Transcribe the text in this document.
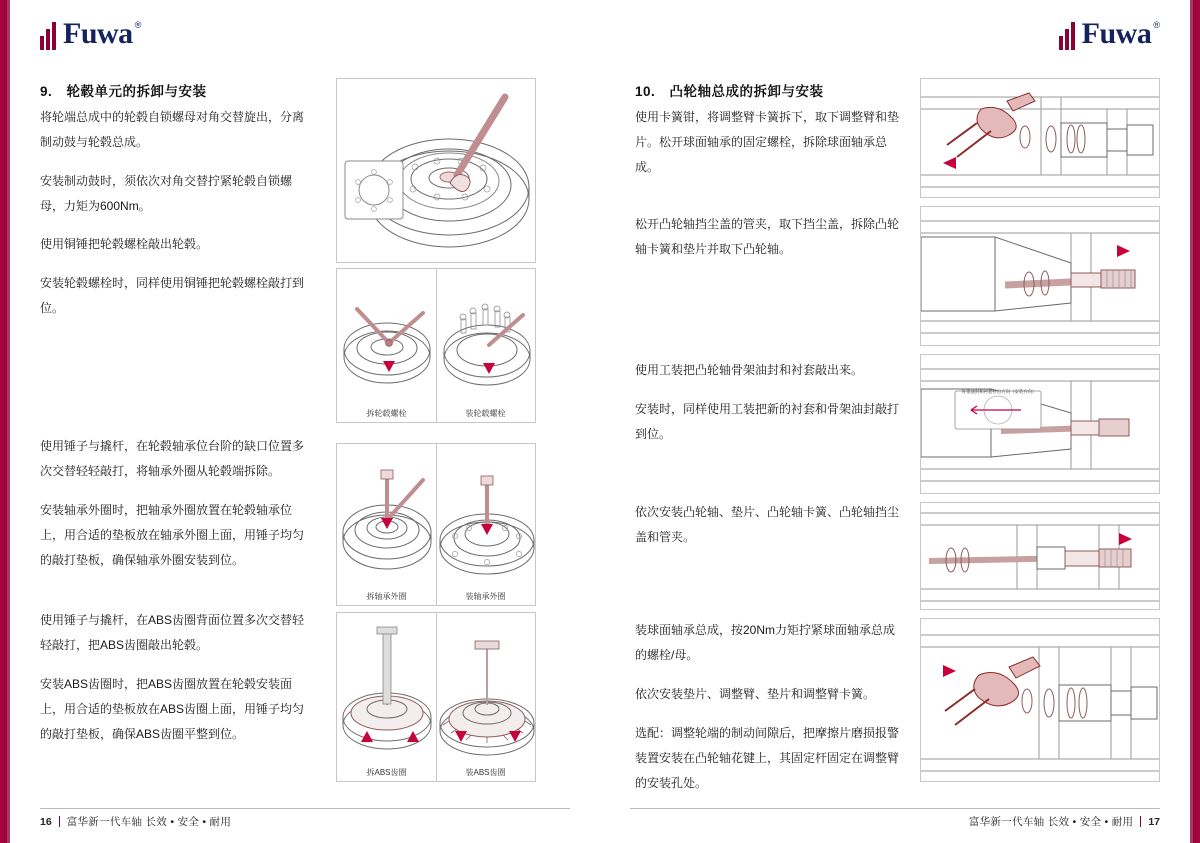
Fuwa ®
9. 轮毂单元的拆卸与安装

将轮端总成中的轮毂自锁螺母对角交替旋出，分离制动鼓与轮毂总成。

安装制动鼓时，须依次对角交替拧紧轮毂自锁螺母，力矩为600Nm。

使用铜锤把轮毂螺栓敲出轮毂。

安装轮毂螺栓时，同样使用铜锤把轮毂螺栓敲打到位。

使用锤子与撬杆，在轮毂轴承位台阶的缺口位置多次交替轻轻敲打，将轴承外圈从轮毂端拆除。

安装轴承外圈时，把轴承外圈放置在轮毂轴承位上，用合适的垫板放在轴承外圈上面，用锤子均匀的敲打垫板，确保轴承外圈安装到位。

使用锤子与撬杆，在ABS齿圈背面位置多次交替轻轻敲打，把ABS齿圈敲出轮毂。

安装ABS齿圈时，把ABS齿圈放置在轮毂安装面上，用合适的垫板放在ABS齿圈上面，用锤子均匀的敲打垫板，确保ABS齿圈平整到位。

拆轮毂螺栓	装轮毂螺栓
拆轴承外圈	装轴承外圈
拆ABS齿圈	装ABS齿圈
16 富华新一代车轴 长效 • 安全 • 耐用
Fuwa ®
10. 凸轮轴总成的拆卸与安装

使用卡簧钳，将调整臂卡簧拆下，取下调整臂和垫片。松开球面轴承的固定螺栓，拆除球面轴承总成。

松开凸轮轴挡尘盖的管夹，取下挡尘盖，拆除凸轮轴卡簧和垫片并取下凸轮轴。

使用工装把凸轮轴骨架油封和衬套敲出来。

安装时，同样使用工装把新的衬套和骨架油封敲打到位。

依次安装凸轮轴、垫片、凸轮轴卡簧、凸轮轴挡尘盖和管夹。

装球面轴承总成，按20Nm力矩拧紧球面轴承总成的螺栓/母。

依次安装垫片、调整臂、垫片和调整臂卡簧。

选配：调整轮端的制动间隙后，把摩擦片磨损报警装置安装在凸轮轴花键上，其固定杆固定在调整臂的安装孔处。

骨架油封和衬套打出方向（安装方向）
富华新一代车轴 长效 • 安全 • 耐用 17
